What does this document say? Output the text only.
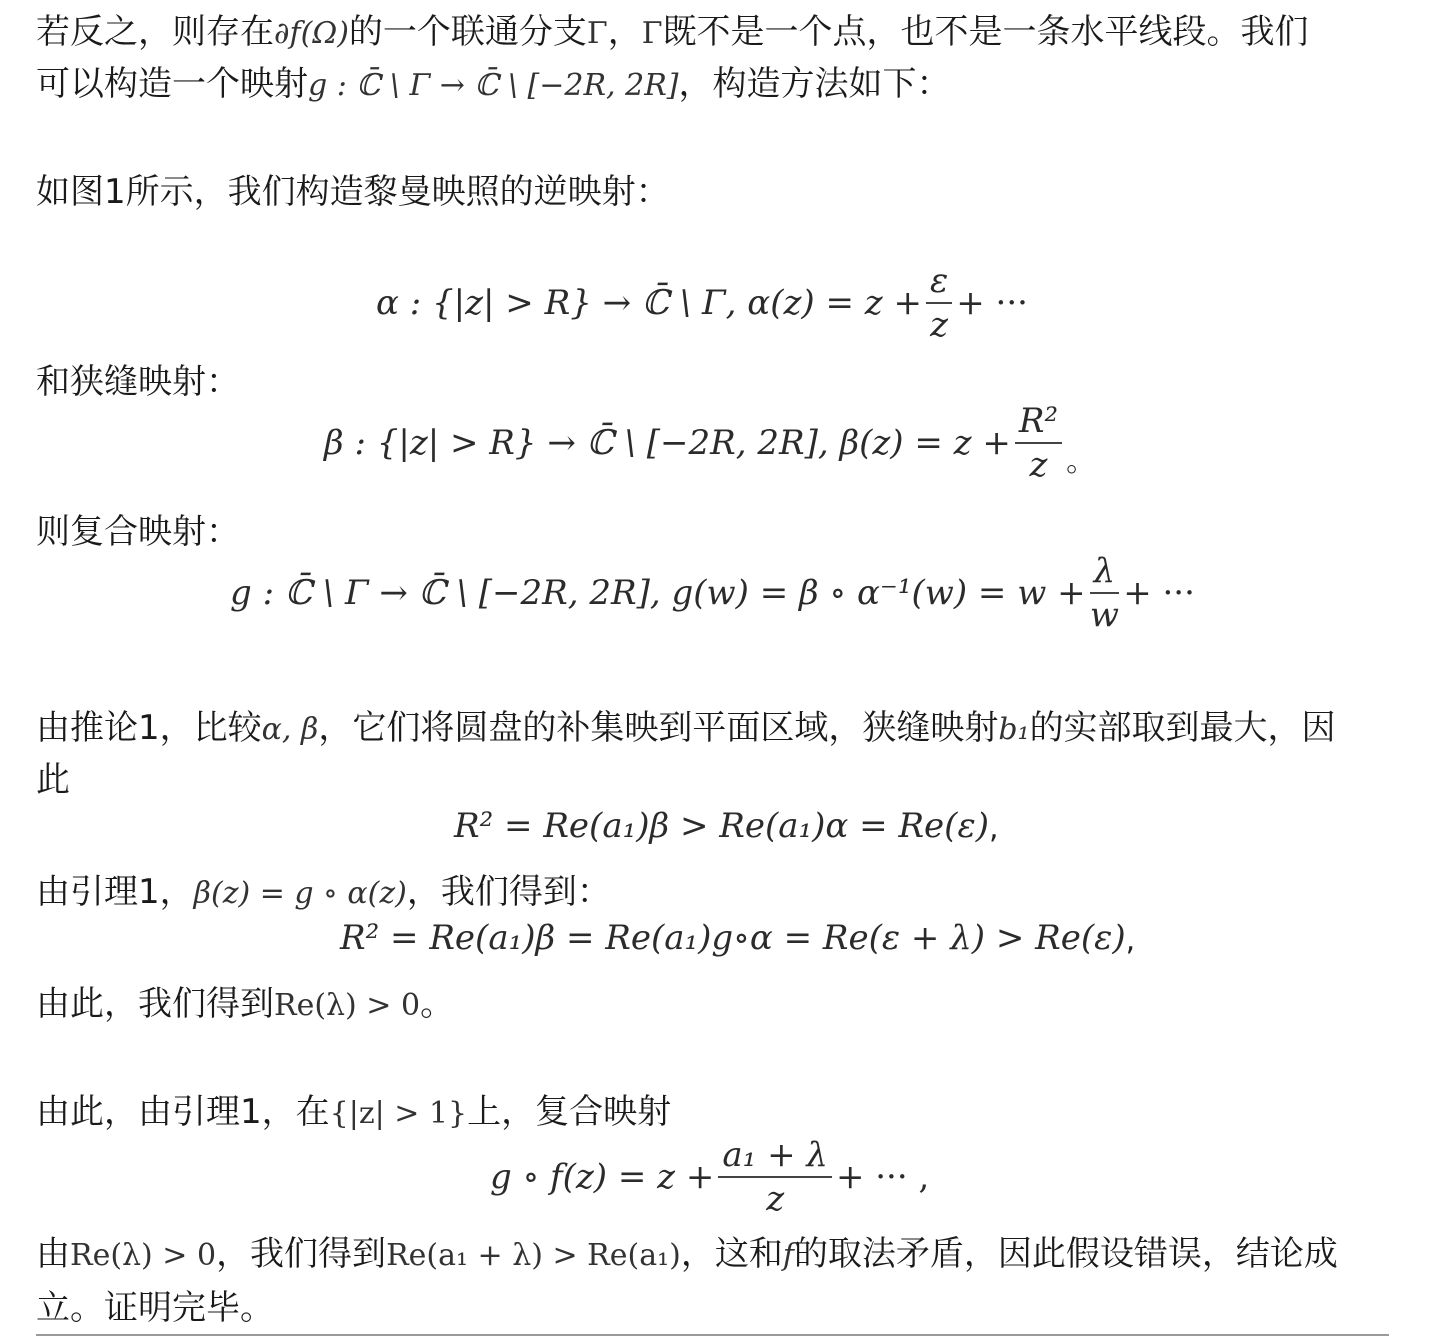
若反之，则存在∂f(Ω)的一个联通分支Γ，Γ既不是一个点，也不是一条水平线段。我们
可以构造一个映射g : ℂ̄ \ Γ → ℂ̄ \ [−2R, 2R]，构造方法如下：
如图1所示，我们构造黎曼映照的逆映射：
α : {|z| > R} → ℂ̄ \ Γ, $\alpha(z) = z + \frac{\varepsilon}{z}$ + ···
和狭缝映射：
β : {|z| > R} → ℂ̄ \ [−2R, 2R], $\beta(z) = z + \frac{\text{R²}}{z}$ 。
则复合映射：
g : ℂ̄ \ Γ → ℂ̄ \ [−2R, 2R], g(w) = β ∘ $\alpha^{-1}(w) = w + \frac{\lambda}{w}$ + ···
由推论1，比较α, β，它们将圆盘的补集映到平面区域，狭缝映射b₁的实部取到最大，因
此
R² = Re(a₁)β > Re(a₁)α = Re(ε) ,
由引理1，β(z) = g ∘ α(z)，我们得到：
R² = Re(a₁)β = Re(a₁)g∘α = Re(ε + λ) > Re(ε) ,
由此，我们得到Re(λ) > 0。
由此，由引理1，在{|z| > 1}上，复合映射
g ∘ $f(z) = z + \frac{\text{a₁ + λ}}{z}$ + ··· ,
由Re(λ) > 0，我们得到Re(a₁ + λ) > Re(a₁)，这和f的取法矛盾，因此假设错误，结论成
立。证明完毕。
